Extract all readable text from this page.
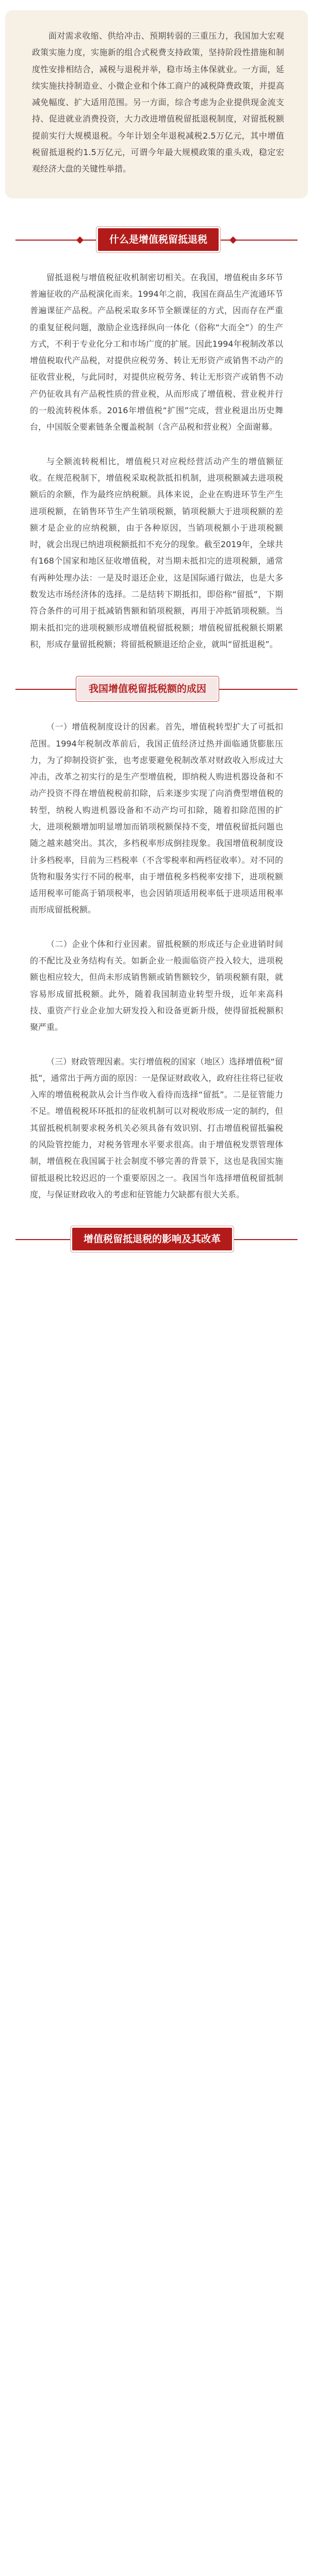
面对需求收缩、供给冲击、预期转弱的三重压力，我国加大宏观政策实施力度，实施新的组合式税费支持政策，坚持阶段性措施和制度性安排相结合，减税与退税并举，稳市场主体保就业。一方面，延续实施扶持制造业、小微企业和个体工商户的减税降费政策，并提高减免幅度、扩大适用范围。另一方面，综合考虑为企业提供现金流支持、促进就业消费投资，大力改进增值税留抵退税制度，对留抵税额提前实行大规模退税。今年计划全年退税减税2.5万亿元，其中增值税留抵退税约1.5万亿元，可谓今年最大规模政策的重头戏，稳定宏观经济大盘的关键性举措。

什么是增值税留抵退税

留抵退税与增值税征收机制密切相关。在我国，增值税由多环节普遍征收的产品税演化而来。1994年之前，我国在商品生产流通环节普遍课征产品税。产品税采取多环节全额课征的方式，因而存在严重的重复征税问题，激励企业选择纵向一体化（俗称“大而全”）的生产方式，不利于专业化分工和市场广度的扩展。因此1994年税制改革以增值税取代产品税，对提供应税劳务、转让无形资产或销售不动产的征收营业税，与此同时，对提供应税劳务、转让无形资产或销售不动产仍征收具有产品税性质的营业税，从而形成了增值税、营业税并行的一般流转税体系。2016年增值税“扩围”完成，营业税退出历史舞台，中国版全要素链条全覆盖税制（含产品税和营业税）全面谢幕。

与全额流转税相比，增值税只对应税经营活动产生的增值额征收。在规范税制下，增值税采取税款抵扣机制，进项税额减去进项税额后的余额，作为最终应纳税额。具体来说，企业在购进环节生产生进项税额，在销售环节生产生销项税额，销项税额大于进项税额的差额才是企业的应纳税额，由于各种原因，当销项税额小于进项税额时，就会出现已纳进项税额抵扣不充分的现象。截至2019年，全球共有168个国家和地区征收增值税，对当期未抵扣完的进项税额，通常有两种处理办法：一是及时退还企业，这是国际通行做法，也是大多数发达市场经济体的选择。二是结转下期抵扣，即俗称“留抵”，下期符合条件的可用于抵减销售额和销项税额，再用于冲抵销项税额。当期未抵扣完的进项税额形成增值税留抵税额；增值税留抵税额长期累积，形成存量留抵税额；将留抵税额退还给企业，就叫“留抵退税”。

我国增值税留抵税额的成因

（一）增值税制度设计的因素。首先，增值税转型扩大了可抵扣范围。1994年税制改革前后，我国正值经济过热并面临通货膨胀压力，为了抑制投资扩张，也考虑要避免税制改革对财政收入形成过大冲击，改革之初实行的是生产型增值税，即纳税人购进机器设备和不动产投资不得在增值税税前扣除，后来逐步实现了向消费型增值税的转型，纳税人购进机器设备和不动产均可扣除，随着扣除范围的扩大，进项税额增加明显增加而销项税额保持不变，增值税留抵问题也随之越来越突出。其次，多档税率形成倒挂现象。我国增值税制度设计多档税率，目前为三档税率（不含零税率和两档征收率）。对不同的货物和服务实行不同的税率，由于增值税多档税率安排下，进项税额适用税率可能高于销项税率，也会因销项适用税率低于进项适用税率而形成留抵税额。

（二）企业个体和行业因素。留抵税额的形成还与企业进销时间的不配比及业务结构有关。如新企业一般面临资产投入较大，进项税额也相应较大，但尚未形成销售额或销售额较少，销项税额有限，就容易形成留抵税额。此外，随着我国制造业转型升级，近年来高科技、重资产行业企业加大研发投入和设备更新升级，使得留抵税额积聚严重。

（三）财政管理因素。实行增值税的国家（地区）选择增值税“留抵”，通常出于两方面的原因：一是保证财政收入，政府往往将已征收入库的增值税税款从会计当作收入看待而选择“留抵”。二是征管能力不足。增值税税环环抵扣的征收机制可以对税收形成一定的制约，但其留抵税机制要求税务机关必须具备有效识别、打击增值税留抵骗税的风险管控能力，对税务管理水平要求很高。由于增值税发票管理体制，增值税在我国属于社会制度不够完善的背景下，这也是我国实施留抵退税比较迟迟的一个重要原因之一。我国当年选择增值税留抵制度，与保证财政收入的考虑和征管能力欠缺都有很大关系。

增值税留抵退税的影响及其改革
